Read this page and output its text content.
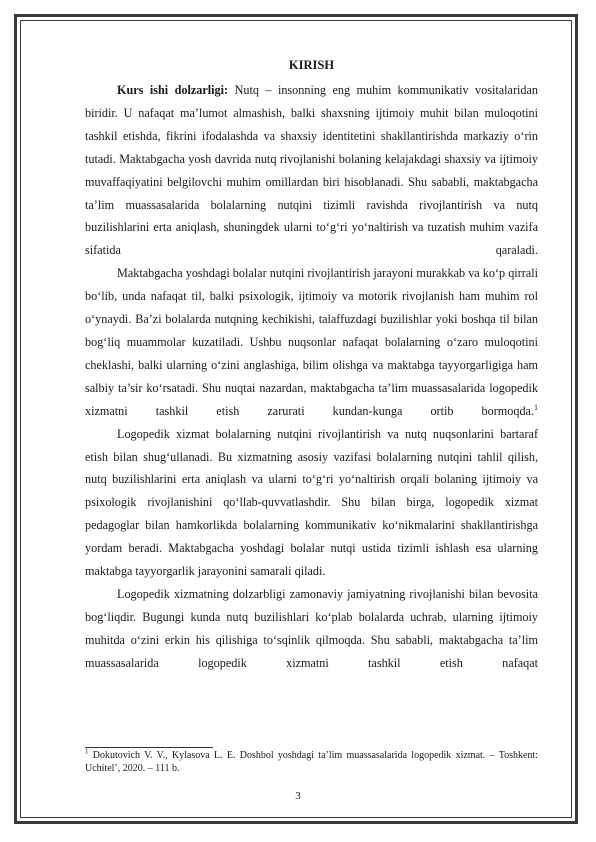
KIRISH

Kurs ishi dolzarligi: Nutq – insonning eng muhim kommunikativ vositalaridan biridir. U nafaqat ma’lumot almashish, balki shaxsning ijtimoiy muhit bilan muloqotini tashkil etishda, fikrini ifodalashda va shaxsiy identitetini shakllantirishda markaziy o‘rin tutadi. Maktabgacha yosh davrida nutq rivojlanishi bolaning kelajakdagi shaxsiy va ijtimoiy muvaffaqiyatini belgilovchi muhim omillardan biri hisoblanadi. Shu sababli, maktabgacha ta’lim muassasalarida bolalarning nutqini tizimli ravishda rivojlantirish va nutq buzilishlarini erta aniqlash, shuningdek ularni to‘g‘ri yo‘naltirish va tuzatish muhim vazifa sifatida qaraladi.

Maktabgacha yoshdagi bolalar nutqini rivojlantirish jarayoni murakkab va ko‘p qirrali bo‘lib, unda nafaqat til, balki psixologik, ijtimoiy va motorik rivojlanish ham muhim rol o‘ynaydi. Ba’zi bolalarda nutqning kechikishi, talaffuzdagi buzilishlar yoki boshqa til bilan bog‘liq muammolar kuzatiladi. Ushbu nuqsonlar nafaqat bolalarning o‘zaro muloqotini cheklashi, balki ularning o‘zini anglashiga, bilim olishga va maktabga tayyorgarligiga ham salbiy ta’sir ko‘rsatadi. Shu nuqtai nazardan, maktabgacha ta’lim muassasalarida logopedik xizmatni tashkil etish zarurati kundan-kunga ortib bormoqda.$^1$

Logopedik xizmat bolalarning nutqini rivojlantirish va nutq nuqsonlarini bartaraf etish bilan shug‘ullanadi. Bu xizmatning asosiy vazifasi bolalarning nutqini tahlil qilish, nutq buzilishlarini erta aniqlash va ularni to‘g‘ri yo‘naltirish orqali bolaning ijtimoiy va psixologik rivojlanishini qo‘llab-quvvatlashdir. Shu bilan birga, logopedik xizmat pedagoglar bilan hamkorlikda bolalarning kommunikativ ko‘nikmalarini shakllantirishga yordam beradi. Maktabgacha yoshdagi bolalar nutqi ustida tizimli ishlash esa ularning maktabga tayyorgarlik jarayonini samarali qiladi.

Logopedik xizmatning dolzarbligi zamonaviy jamiyatning rivojlanishi bilan bevosita bog‘liqdir. Bugungi kunda nutq buzilishlari ko‘plab bolalarda uchrab, ularning ijtimoiy muhitda o‘zini erkin his qilishiga to‘sqinlik qilmoqda. Shu sababli, maktabgacha ta’lim muassasalarida logopedik xizmatni tashkil etish nafaqat

$^1$ Dokutovich V. V., Kylasova L. E. Doshbol yoshdagi ta’lim muassasalarida logopedik xizmat. – Toshkent: Uchitel’, 2020. – 111 b.
3
